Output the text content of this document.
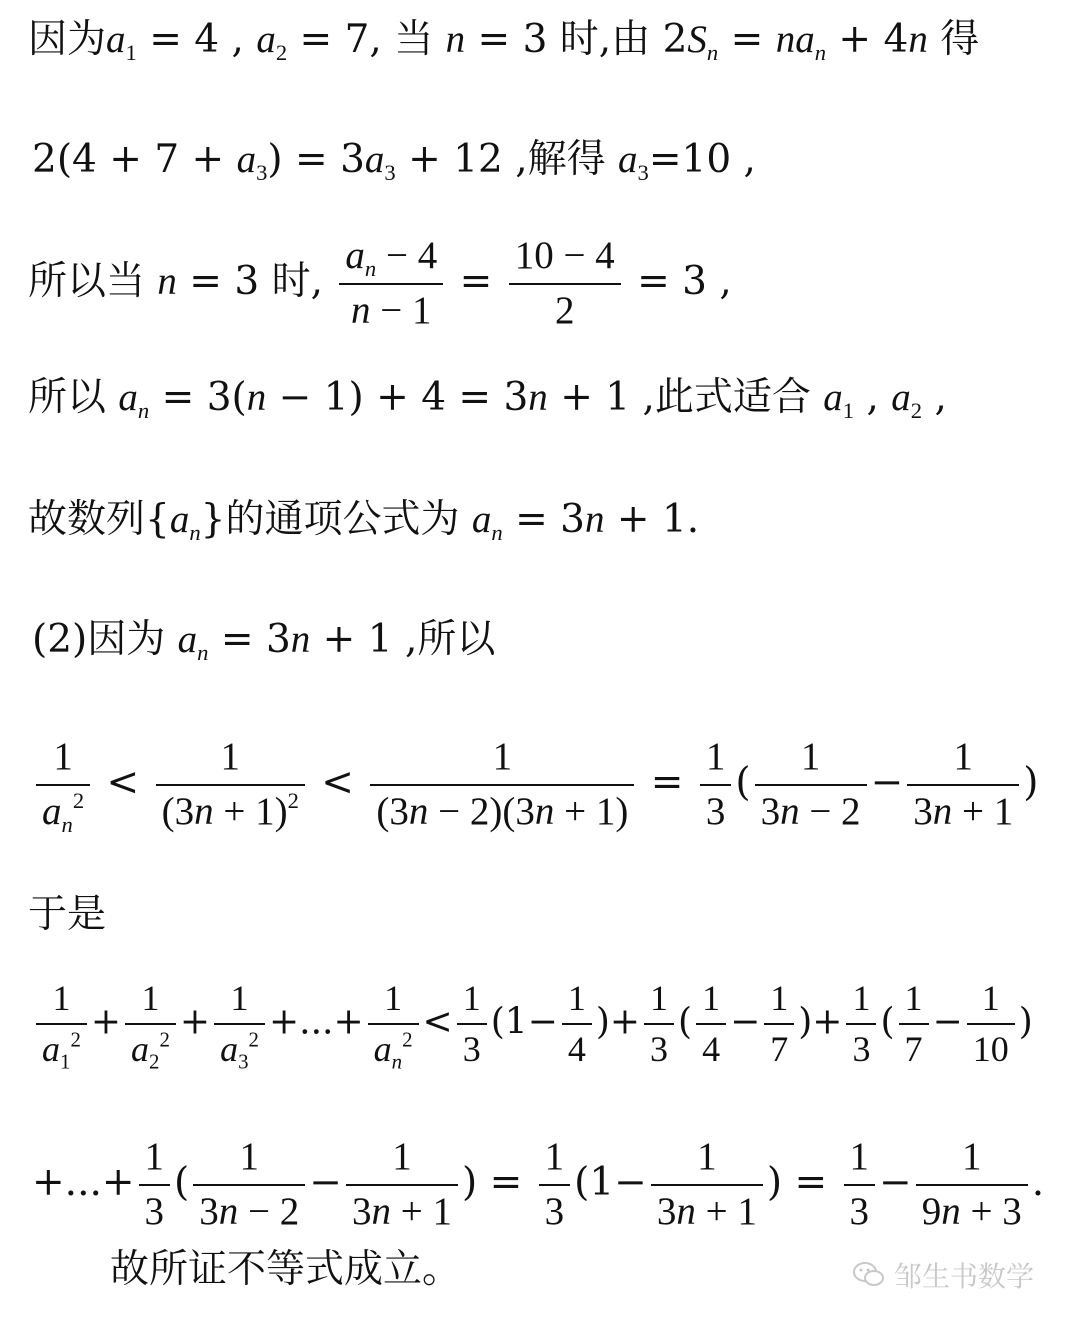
因为$a_1 = 4$ , $a_2 = 7$, 当 n = 3 时,由 $2S_n = na_n + 4n$ 得
$2(4 + 7 + a_3) = 3a_3 + 12$ ,解得 $a_3=10$ ,
所以当 n = 3 时, $\frac{a_n - 4}{n - 1} = \frac{10 - 4}{2} = 3$ ,
所以 $a_n = 3(n - 1) + 4 = 3n + 1$ ,此式适合 $a_1$ , $a_2$ ,
故数列$\{a_n\}$的通项公式为 $a_n = 3n + 1$.
(2)因为 $a_n = 3n + 1$ ,所以
$\frac{1}{a_n^2} < \frac{1}{(3n + 1)^2} < \frac{1}{(3n - 2)(3n + 1)} = \frac{1}{3}$ ( $\frac{1}{3n - 2} - \frac{1}{3n + 1}$ )
于是
$\frac{1}{a_1^2} + \frac{1}{a_2^2} + \frac{1}{a_3^2}$ +...+ $\frac{1}{a_n^2} < \frac{1}{3} (1- \frac{1}{4}$ )+ $\frac{1}{3}$ ( $\frac{1}{4} - \frac{1}{7}$ )+ $\frac{1}{3}$ ( $\frac{1}{7} - \frac{1}{10}$ )
+...+ $\frac{1}{3}$ ( $\frac{1}{3n - 2} - \frac{1}{3n + 1}$ ) = $\frac{1}{3} (1- \frac{1}{3n + 1}$ ) = $\frac{1}{3} - \frac{1}{9n + 3}$ .
故所证不等式成立。	邹生书数学
